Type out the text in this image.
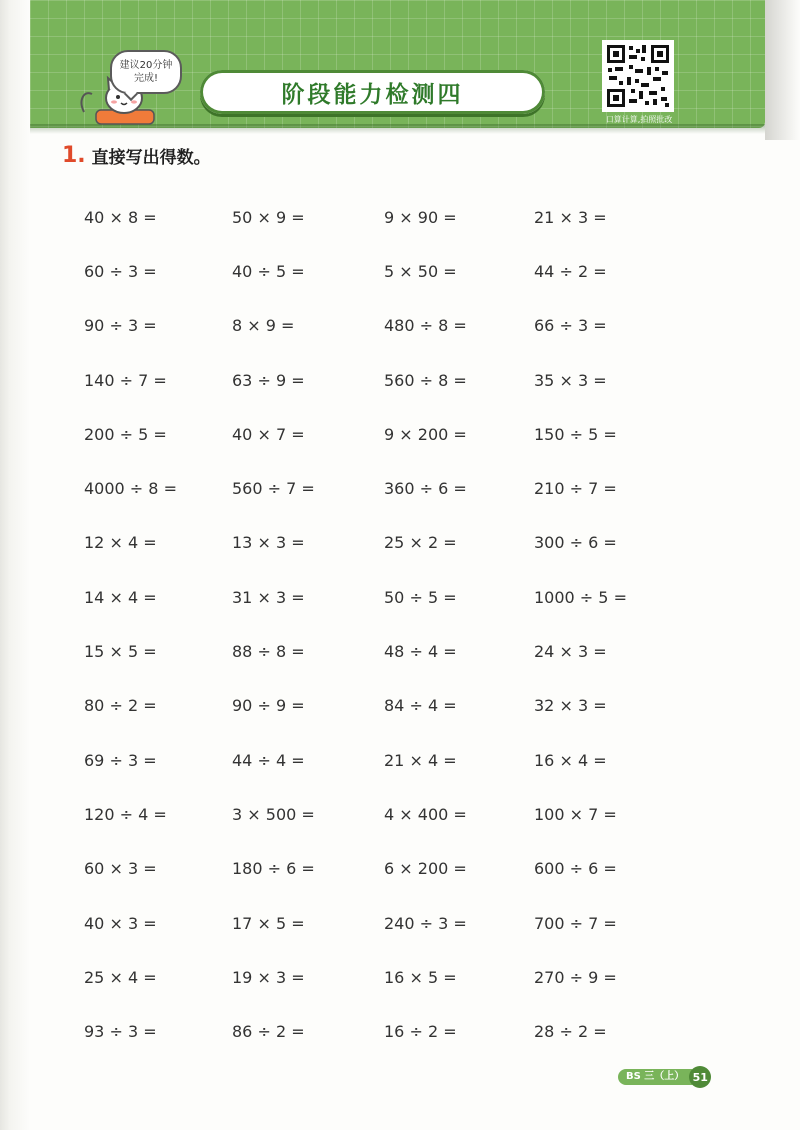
建议20分钟
完成!
阶段能力检测四
口算计算,拍照批改
1. 直接写出得数。
40 × 8 =	50 × 9 =	9 × 90 =	21 × 3 =
60 ÷ 3 =	40 ÷ 5 =	5 × 50 =	44 ÷ 2 =
90 ÷ 3 =	8 × 9 =	480 ÷ 8 =	66 ÷ 3 =
140 ÷ 7 =	63 ÷ 9 =	560 ÷ 8 =	35 × 3 =
200 ÷ 5 =	40 × 7 =	9 × 200 =	150 ÷ 5 =
4000 ÷ 8 =	560 ÷ 7 =	360 ÷ 6 =	210 ÷ 7 =
12 × 4 =	13 × 3 =	25 × 2 =	300 ÷ 6 =
14 × 4 =	31 × 3 =	50 ÷ 5 =	1000 ÷ 5 =
15 × 5 =	88 ÷ 8 =	48 ÷ 4 =	24 × 3 =
80 ÷ 2 =	90 ÷ 9 =	84 ÷ 4 =	32 × 3 =
69 ÷ 3 =	44 ÷ 4 =	21 × 4 =	16 × 4 =
120 ÷ 4 =	3 × 500 =	4 × 400 =	100 × 7 =
60 × 3 =	180 ÷ 6 =	6 × 200 =	600 ÷ 6 =
40 × 3 =	17 × 5 =	240 ÷ 3 =	700 ÷ 7 =
25 × 4 =	19 × 3 =	16 × 5 =	270 ÷ 9 =
93 ÷ 3 =	86 ÷ 2 =	16 ÷ 2 =	28 ÷ 2 =
BS 三（上） 51
